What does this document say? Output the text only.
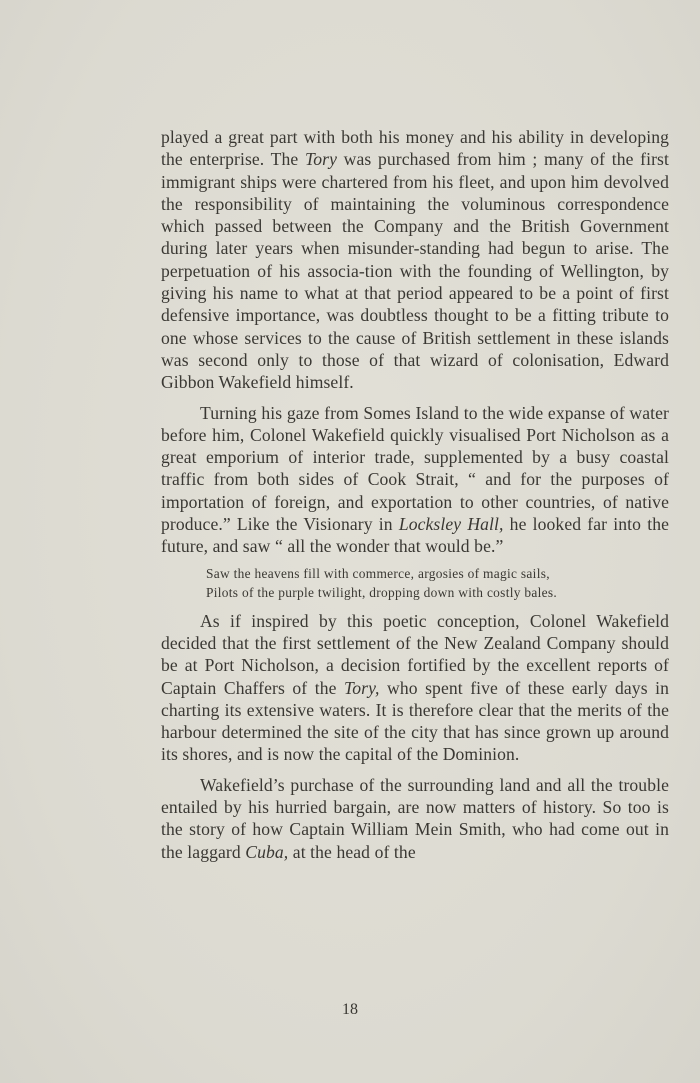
played a great part with both his money and his ability in developing the enterprise. The Tory was purchased from him ; many of the first immigrant ships were chartered from his fleet, and upon him devolved the responsibility of maintaining the voluminous correspondence which passed between the Company and the British Government during later years when misunder-standing had begun to arise. The perpetuation of his associa-tion with the founding of Wellington, by giving his name to what at that period appeared to be a point of first defensive importance, was doubtless thought to be a fitting tribute to one whose services to the cause of British settlement in these islands was second only to those of that wizard of colonisation, Edward Gibbon Wakefield himself.

Turning his gaze from Somes Island to the wide expanse of water before him, Colonel Wakefield quickly visualised Port Nicholson as a great emporium of interior trade, supplemented by a busy coastal traffic from both sides of Cook Strait, “ and for the purposes of importation of foreign, and exportation to other countries, of native produce.” Like the Visionary in Locksley Hall, he looked far into the future, and saw “ all the wonder that would be.”

Saw the heavens fill with commerce, argosies of magic sails,
Pilots of the purple twilight, dropping down with costly bales.

As if inspired by this poetic conception, Colonel Wakefield decided that the first settlement of the New Zealand Company should be at Port Nicholson, a decision fortified by the excellent reports of Captain Chaffers of the Tory, who spent five of these early days in charting its extensive waters. It is therefore clear that the merits of the harbour determined the site of the city that has since grown up around its shores, and is now the capital of the Dominion.

Wakefield’s purchase of the surrounding land and all the trouble entailed by his hurried bargain, are now matters of history. So too is the story of how Captain William Mein Smith, who had come out in the laggard Cuba, at the head of the

18
